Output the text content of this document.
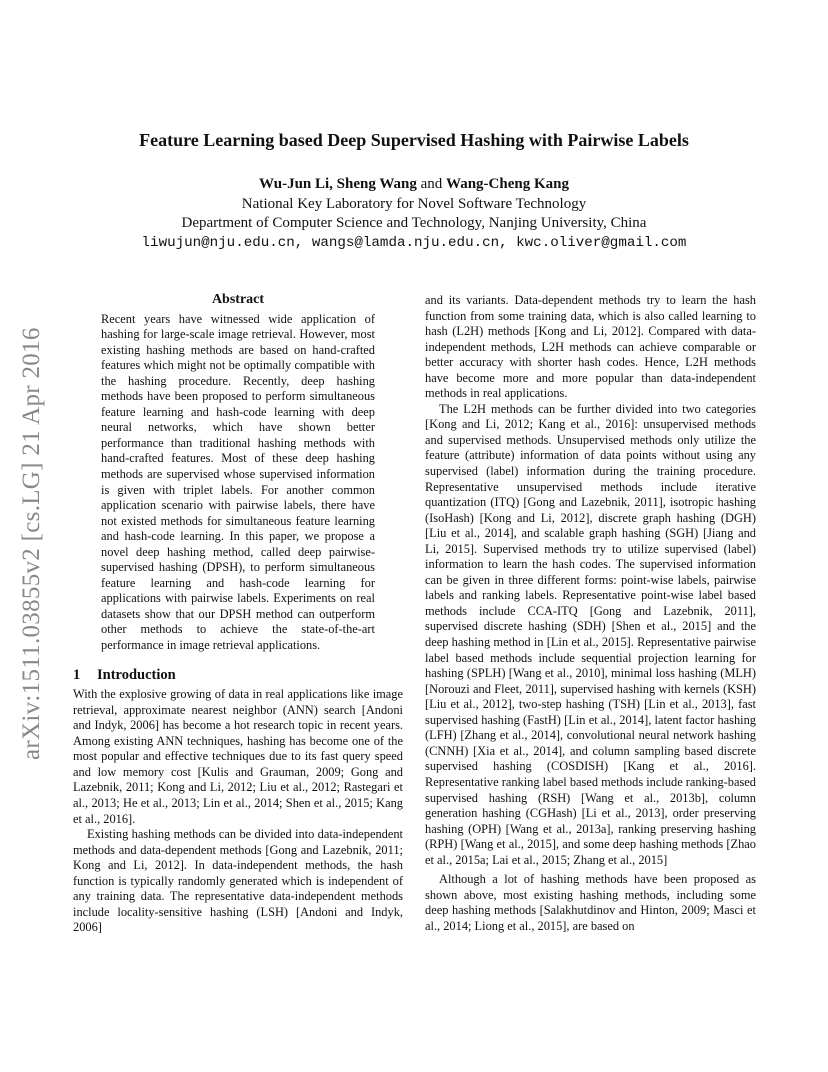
arXiv:1511.03855v2 [cs.LG] 21 Apr 2016
Feature Learning based Deep Supervised Hashing with Pairwise Labels
Wu-Jun Li, Sheng Wang and Wang-Cheng Kang
National Key Laboratory for Novel Software Technology
Department of Computer Science and Technology, Nanjing University, China
liwujun@nju.edu.cn, wangs@lamda.nju.edu.cn, kwc.oliver@gmail.com
Abstract

Recent years have witnessed wide application of hashing for large-scale image retrieval. However, most existing hashing methods are based on hand-crafted features which might not be optimally compatible with the hashing procedure. Recently, deep hashing methods have been proposed to perform simultaneous feature learning and hash-code learning with deep neural networks, which have shown better performance than traditional hashing methods with hand-crafted features. Most of these deep hashing methods are supervised whose supervised information is given with triplet labels. For another common application scenario with pairwise labels, there have not existed methods for simultaneous feature learning and hash-code learning. In this paper, we propose a novel deep hashing method, called deep pairwise-supervised hashing (DPSH), to perform simultaneous feature learning and hash-code learning for applications with pairwise labels. Experiments on real datasets show that our DPSH method can outperform other methods to achieve the state-of-the-art performance in image retrieval applications.

1 Introduction

With the explosive growing of data in real applications like image retrieval, approximate nearest neighbor (ANN) search [Andoni and Indyk, 2006] has become a hot research topic in recent years. Among existing ANN techniques, hashing has become one of the most popular and effective techniques due to its fast query speed and low memory cost [Kulis and Grauman, 2009; Gong and Lazebnik, 2011; Kong and Li, 2012; Liu et al., 2012; Rastegari et al., 2013; He et al., 2013; Lin et al., 2014; Shen et al., 2015; Kang et al., 2016].

Existing hashing methods can be divided into data-independent methods and data-dependent methods [Gong and Lazebnik, 2011; Kong and Li, 2012]. In data-independent methods, the hash function is typically randomly generated which is independent of any training data. The representative data-independent methods include locality-sensitive hashing (LSH) [Andoni and Indyk, 2006]

and its variants. Data-dependent methods try to learn the hash function from some training data, which is also called learning to hash (L2H) methods [Kong and Li, 2012]. Compared with data-independent methods, L2H methods can achieve comparable or better accuracy with shorter hash codes. Hence, L2H methods have become more and more popular than data-independent methods in real applications.

The L2H methods can be further divided into two categories [Kong and Li, 2012; Kang et al., 2016]: unsupervised methods and supervised methods. Unsupervised methods only utilize the feature (attribute) information of data points without using any supervised (label) information during the training procedure. Representative unsupervised methods include iterative quantization (ITQ) [Gong and Lazebnik, 2011], isotropic hashing (IsoHash) [Kong and Li, 2012], discrete graph hashing (DGH) [Liu et al., 2014], and scalable graph hashing (SGH) [Jiang and Li, 2015]. Supervised methods try to utilize supervised (label) information to learn the hash codes. The supervised information can be given in three different forms: point-wise labels, pairwise labels and ranking labels. Representative point-wise label based methods include CCA-ITQ [Gong and Lazebnik, 2011], supervised discrete hashing (SDH) [Shen et al., 2015] and the deep hashing method in [Lin et al., 2015]. Representative pairwise label based methods include sequential projection learning for hashing (SPLH) [Wang et al., 2010], minimal loss hashing (MLH) [Norouzi and Fleet, 2011], supervised hashing with kernels (KSH) [Liu et al., 2012], two-step hashing (TSH) [Lin et al., 2013], fast supervised hashing (FastH) [Lin et al., 2014], latent factor hashing (LFH) [Zhang et al., 2014], convolutional neural network hashing (CNNH) [Xia et al., 2014], and column sampling based discrete supervised hashing (COSDISH) [Kang et al., 2016]. Representative ranking label based methods include ranking-based supervised hashing (RSH) [Wang et al., 2013b], column generation hashing (CGHash) [Li et al., 2013], order preserving hashing (OPH) [Wang et al., 2013a], ranking preserving hashing (RPH) [Wang et al., 2015], and some deep hashing methods [Zhao et al., 2015a; Lai et al., 2015; Zhang et al., 2015]

Although a lot of hashing methods have been proposed as shown above, most existing hashing methods, including some deep hashing methods [Salakhutdinov and Hinton, 2009; Masci et al., 2014; Liong et al., 2015], are based on
